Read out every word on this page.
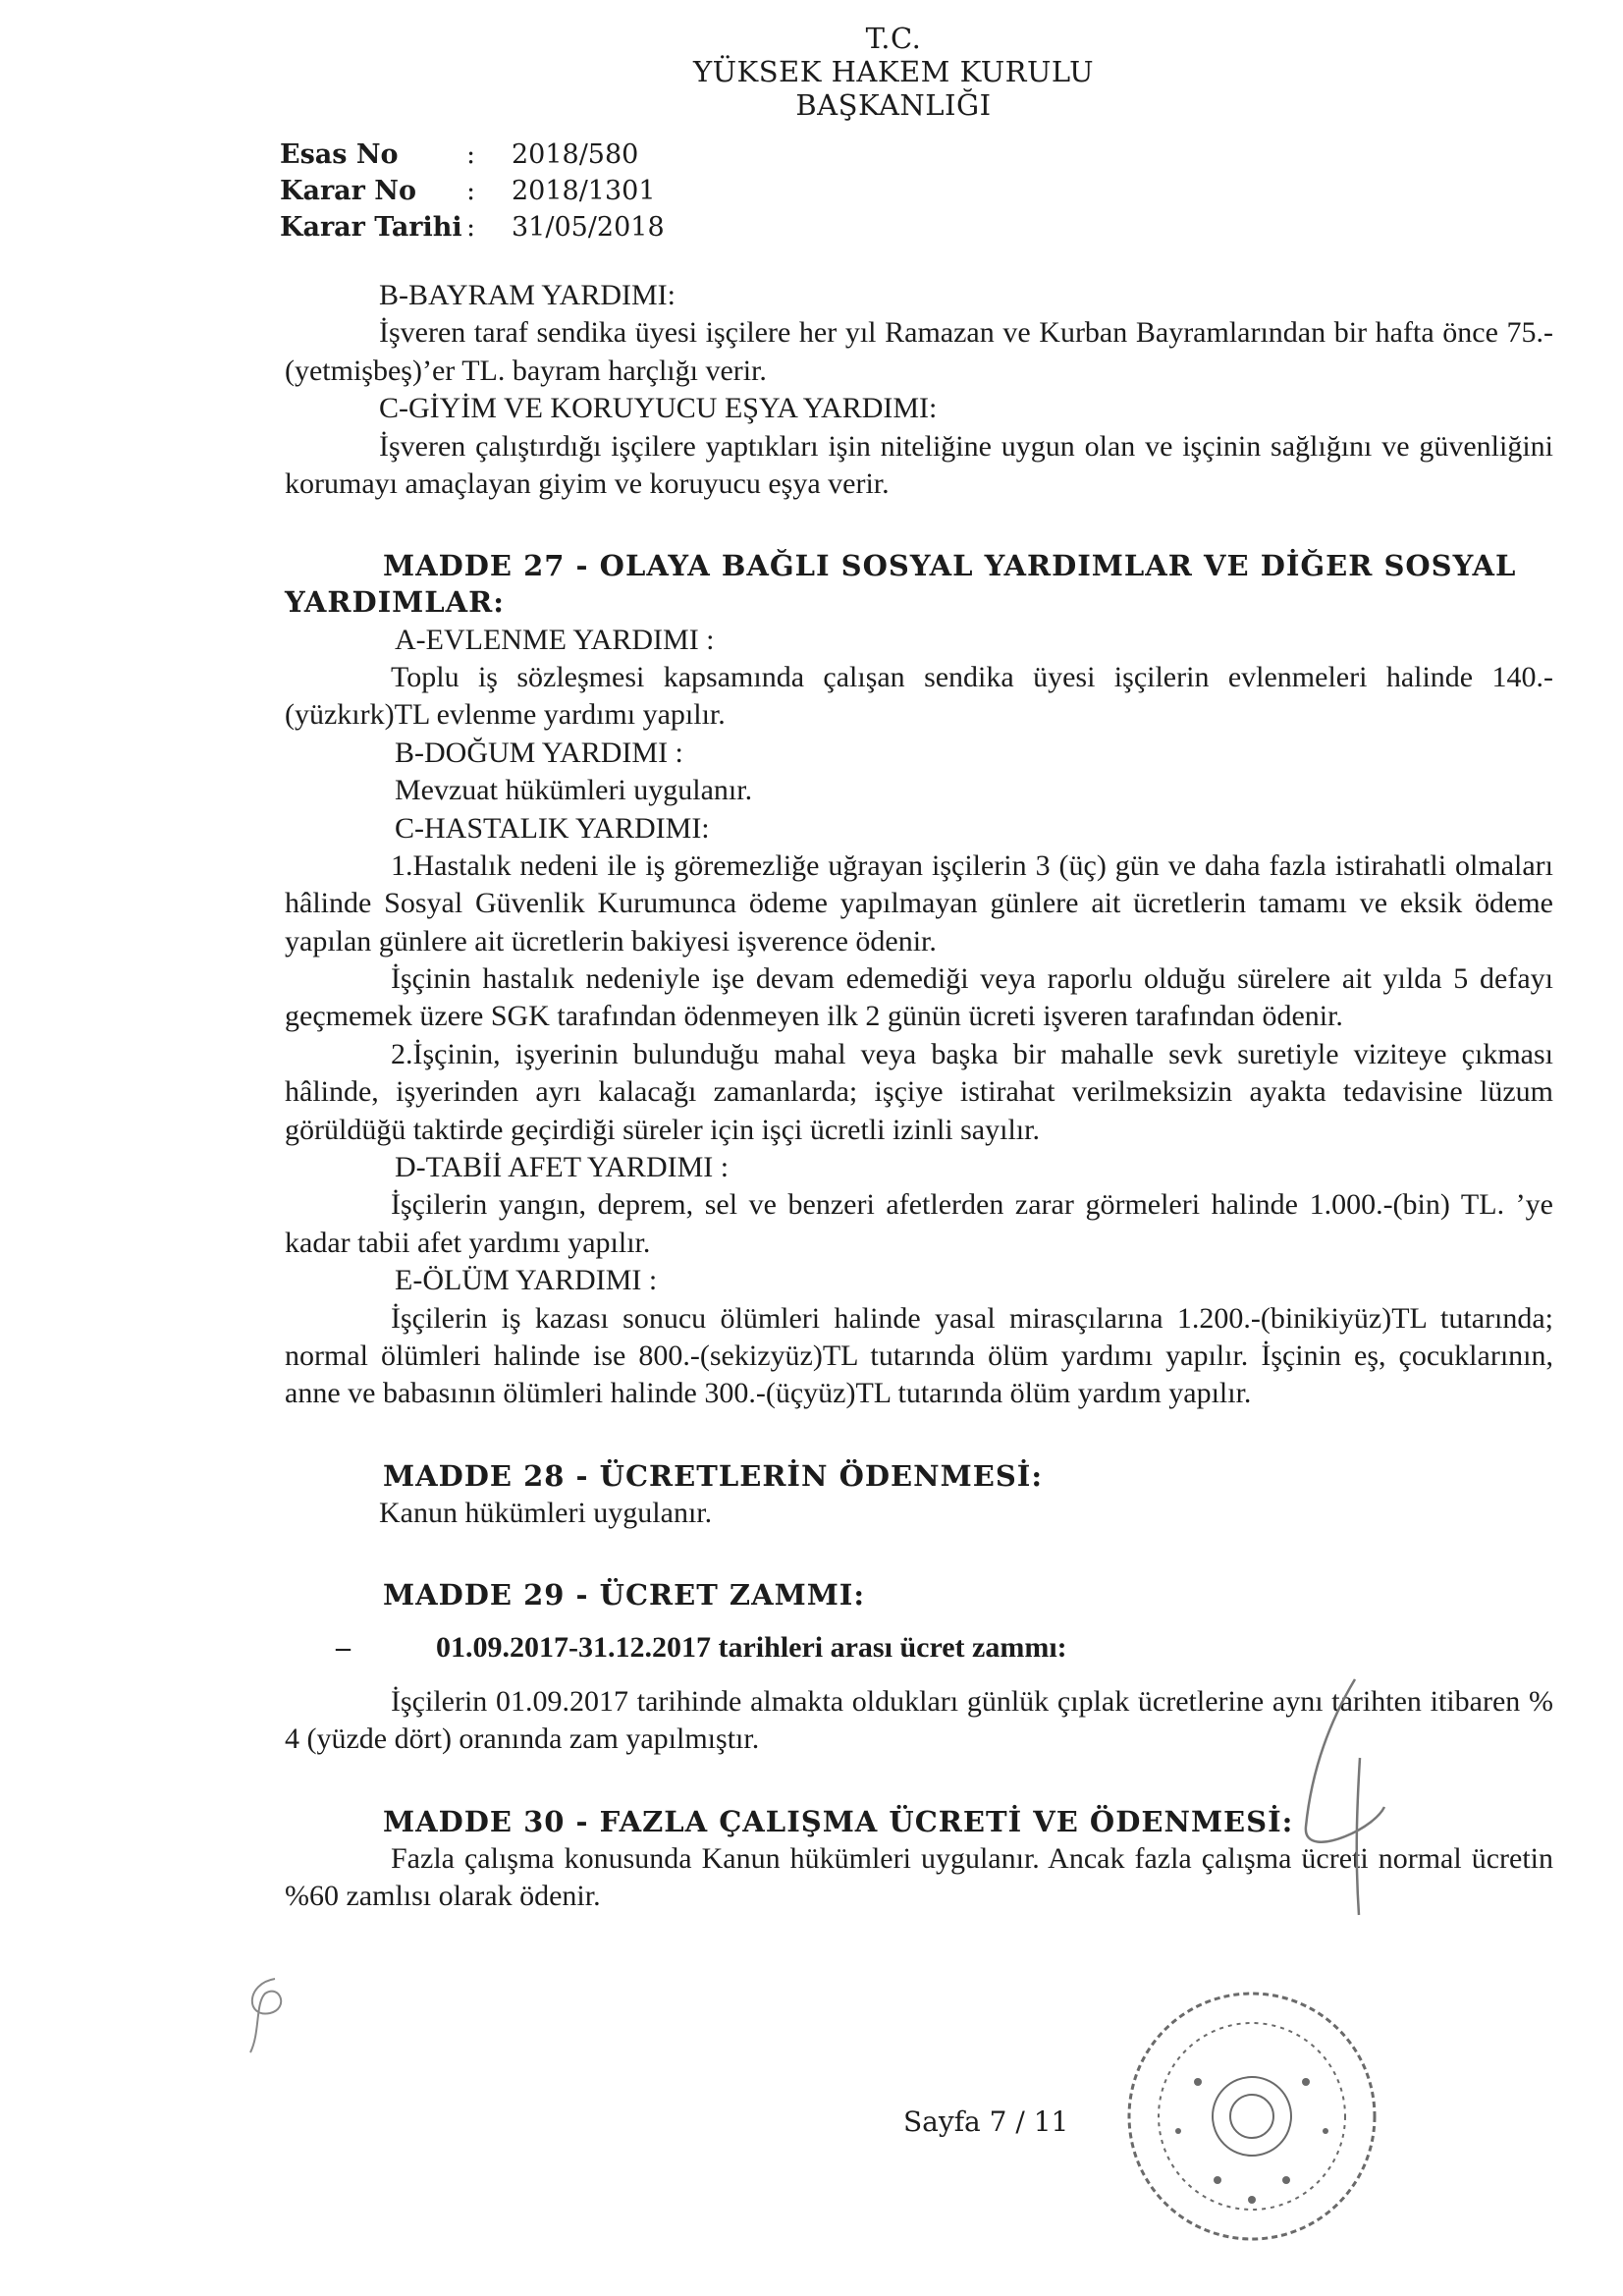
T.C.
YÜKSEK HAKEM KURULU
BAŞKANLIĞI
Esas No	:	2018/580
Karar No	:	2018/1301
Karar Tarihi :	31/05/2018
B-BAYRAM YARDIMI:

İşveren taraf sendika üyesi işçilere her yıl Ramazan ve Kurban Bayramlarından bir hafta önce 75.-(yetmişbeş)’er TL. bayram harçlığı verir.

C-GİYİM VE KORUYUCU EŞYA YARDIMI:

İşveren çalıştırdığı işçilere yaptıkları işin niteliğine uygun olan ve işçinin sağlığını ve güvenliğini korumayı amaçlayan giyim ve koruyucu eşya verir.

MADDE 27 - OLAYA BAĞLI SOSYAL YARDIMLAR VE DİĞER SOSYAL
YARDIMLAR:
A-EVLENME YARDIMI :

Toplu iş sözleşmesi kapsamında çalışan sendika üyesi işçilerin evlenmeleri halinde 140.-(yüzkırk)TL evlenme yardımı yapılır.

B-DOĞUM YARDIMI :
Mevzuat hükümleri uygulanır.
C-HASTALIK YARDIMI:

1.Hastalık nedeni ile iş göremezliğe uğrayan işçilerin 3 (üç) gün ve daha fazla istirahatli olmaları hâlinde Sosyal Güvenlik Kurumunca ödeme yapılmayan günlere ait ücretlerin tamamı ve eksik ödeme yapılan günlere ait ücretlerin bakiyesi işverence ödenir.

İşçinin hastalık nedeniyle işe devam edemediği veya raporlu olduğu sürelere ait yılda 5 defayı geçmemek üzere SGK tarafından ödenmeyen ilk 2 günün ücreti işveren tarafından ödenir.

2.İşçinin, işyerinin bulunduğu mahal veya başka bir mahalle sevk suretiyle viziteye çıkması hâlinde, işyerinden ayrı kalacağı zamanlarda; işçiye istirahat verilmeksizin ayakta tedavisine lüzum görüldüğü taktirde geçirdiği süreler için işçi ücretli izinli sayılır.

D-TABİİ AFET YARDIMI :

İşçilerin yangın, deprem, sel ve benzeri afetlerden zarar görmeleri halinde 1.000.-(bin) TL. ’ye kadar tabii afet yardımı yapılır.

E-ÖLÜM YARDIMI :

İşçilerin iş kazası sonucu ölümleri halinde yasal mirasçılarına 1.200.-(binikiyüz)TL tutarında; normal ölümleri halinde ise 800.-(sekizyüz)TL tutarında ölüm yardımı yapılır. İşçinin eş, çocuklarının, anne ve babasının ölümleri halinde 300.-(üçyüz)TL tutarında ölüm yardım yapılır.

MADDE 28 - ÜCRETLERİN ÖDENMESİ:
Kanun hükümleri uygulanır.
MADDE 29 - ÜCRET ZAMMI:
–	01.09.2017-31.12.2017 tarihleri arası ücret zammı:

İşçilerin 01.09.2017 tarihinde almakta oldukları günlük çıplak ücretlerine aynı tarihten itibaren % 4 (yüzde dört) oranında zam yapılmıştır.

MADDE 30 - FAZLA ÇALIŞMA ÜCRETİ VE ÖDENMESİ:

Fazla çalışma konusunda Kanun hükümleri uygulanır. Ancak fazla çalışma ücreti normal ücretin %60 zamlısı olarak ödenir.

Sayfa 7 / 11
